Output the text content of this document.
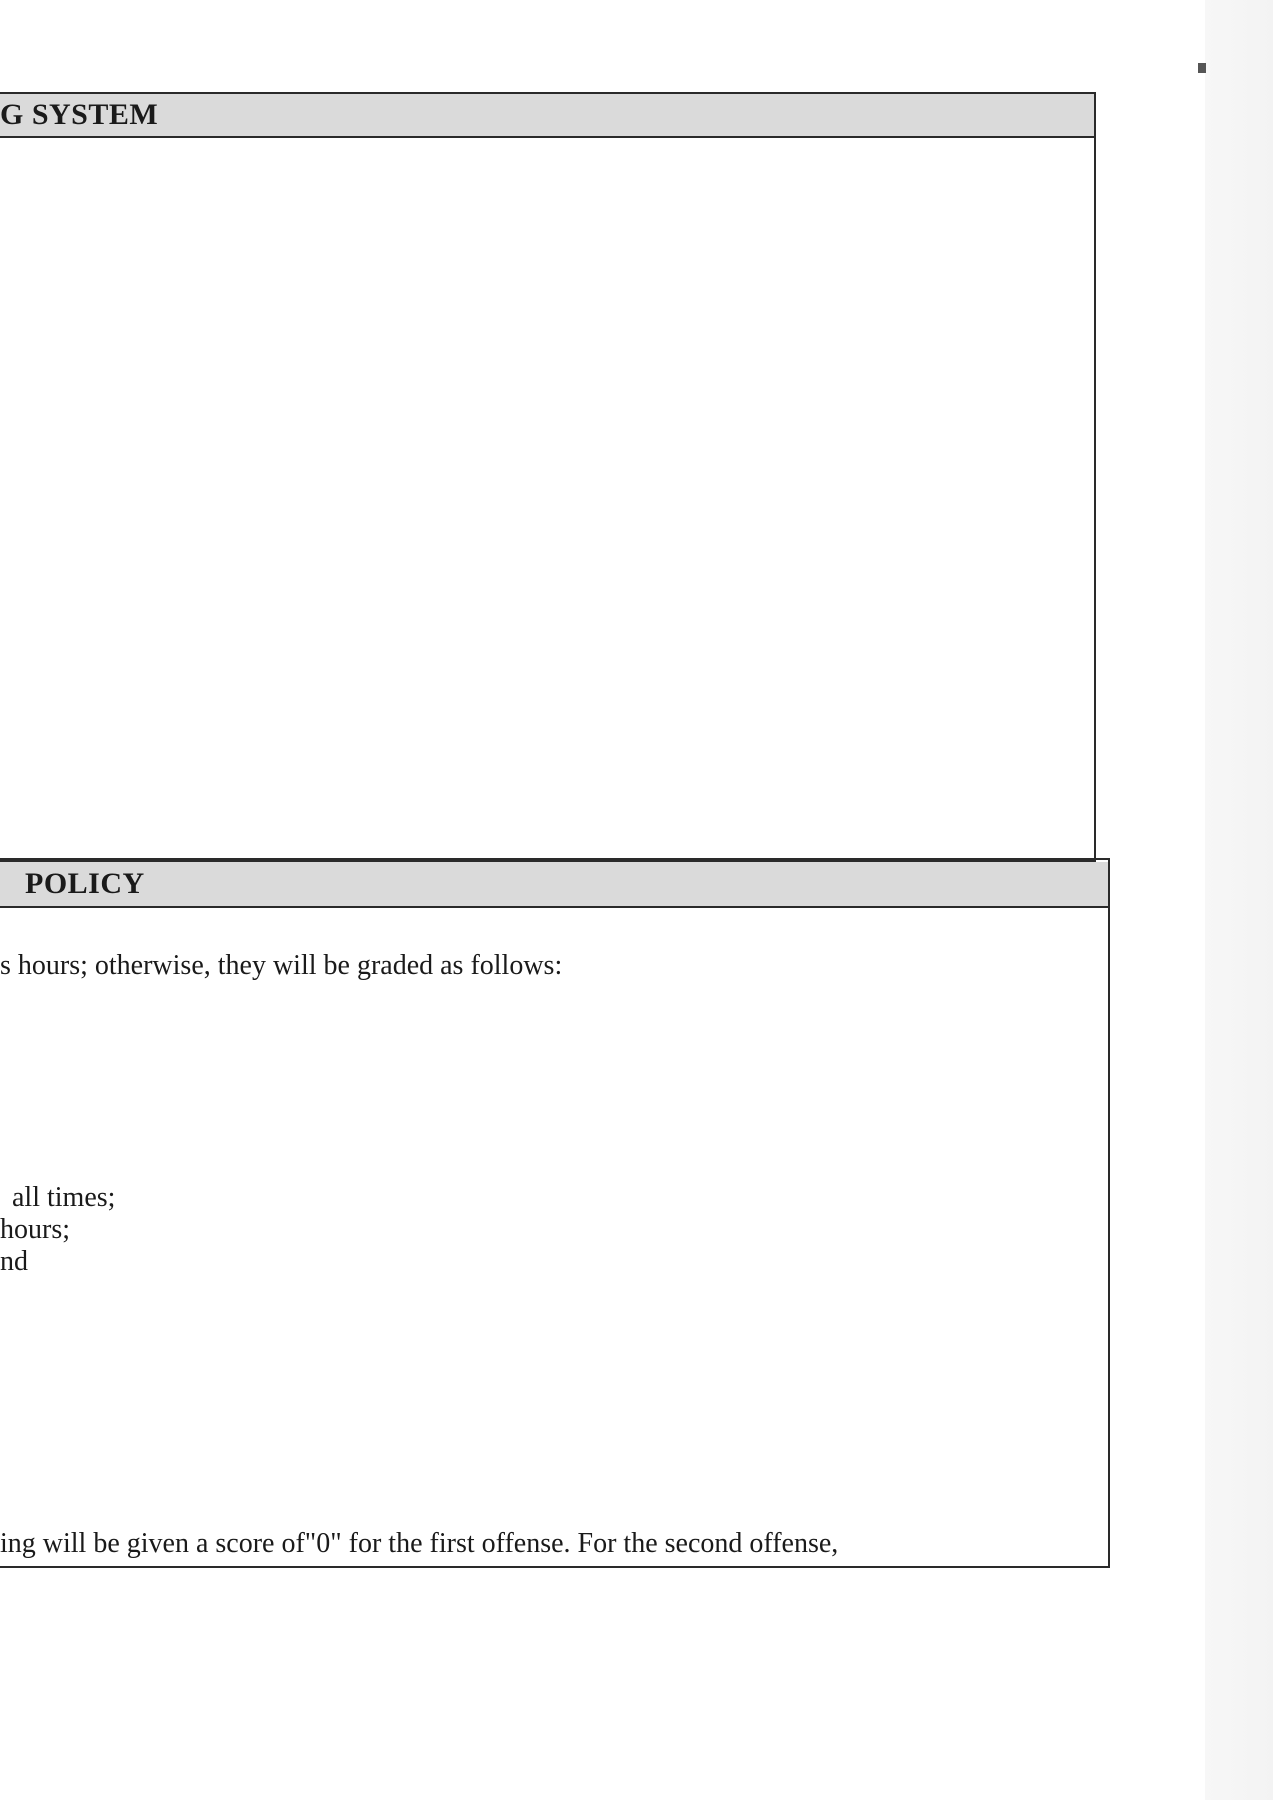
G SYSTEM
POLICY
s hours; otherwise, they will be graded as follows:
all times;
hours;
nd
ing will be given a score of"0" for the first offense. For the second offense,
